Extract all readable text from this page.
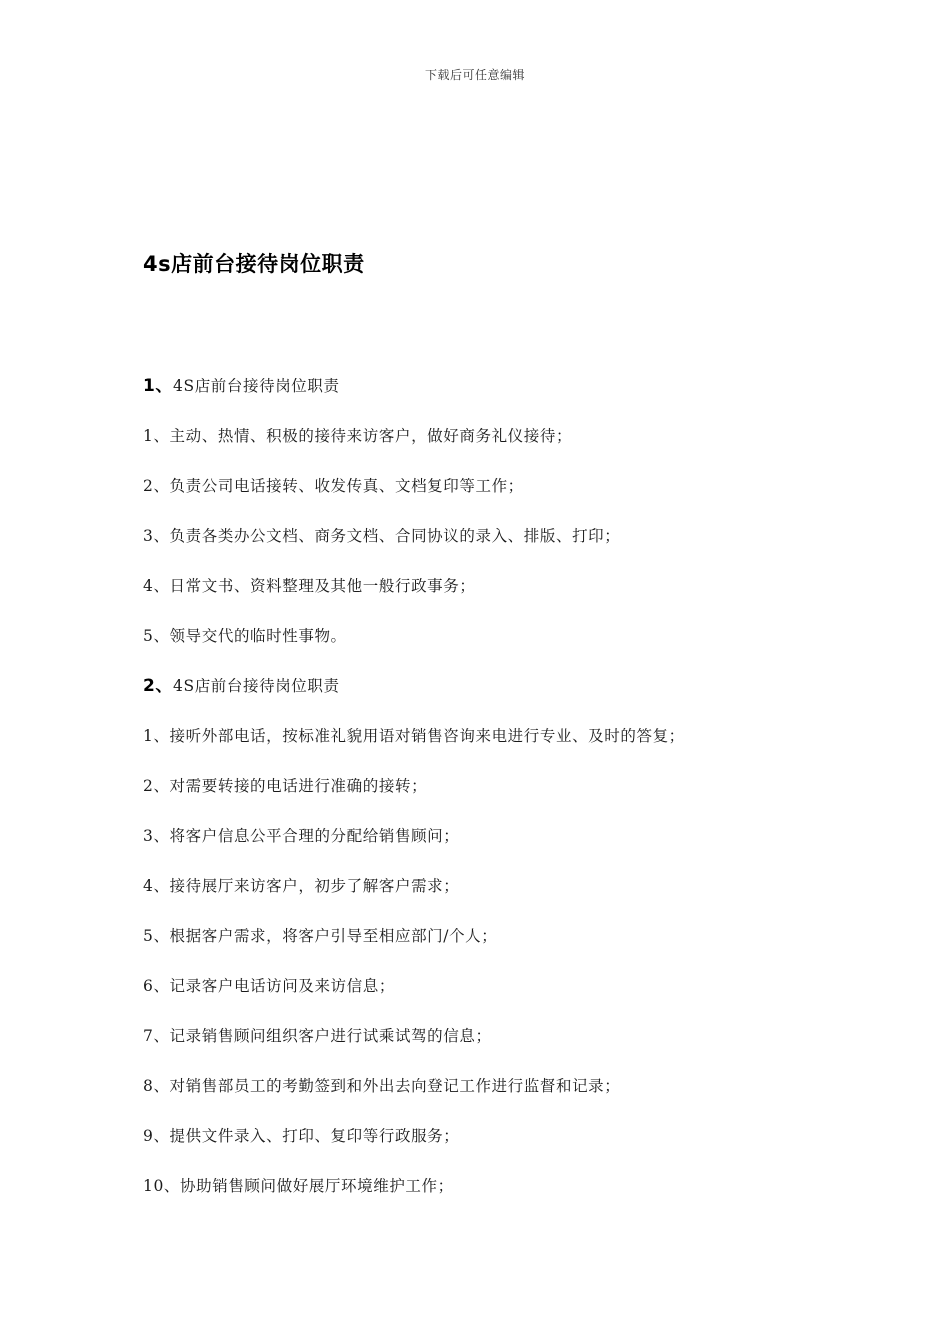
下载后可任意编辑
4s店前台接待岗位职责
1、4S店前台接待岗位职责
1、主动、热情、积极的接待来访客户，做好商务礼仪接待；
2、负责公司电话接转、收发传真、文档复印等工作；
3、负责各类办公文档、商务文档、合同协议的录入、排版、打印；
4、日常文书、资料整理及其他一般行政事务；
5、领导交代的临时性事物。
2、4S店前台接待岗位职责
1、接听外部电话，按标准礼貌用语对销售咨询来电进行专业、及时的答复；
2、对需要转接的电话进行准确的接转；
3、将客户信息公平合理的分配给销售顾问；
4、接待展厅来访客户，初步了解客户需求；
5、根据客户需求，将客户引导至相应部门/个人；
6、记录客户电话访问及来访信息；
7、记录销售顾问组织客户进行试乘试驾的信息；
8、对销售部员工的考勤签到和外出去向登记工作进行监督和记录；
9、提供文件录入、打印、复印等行政服务；
10、协助销售顾问做好展厅环境维护工作；
